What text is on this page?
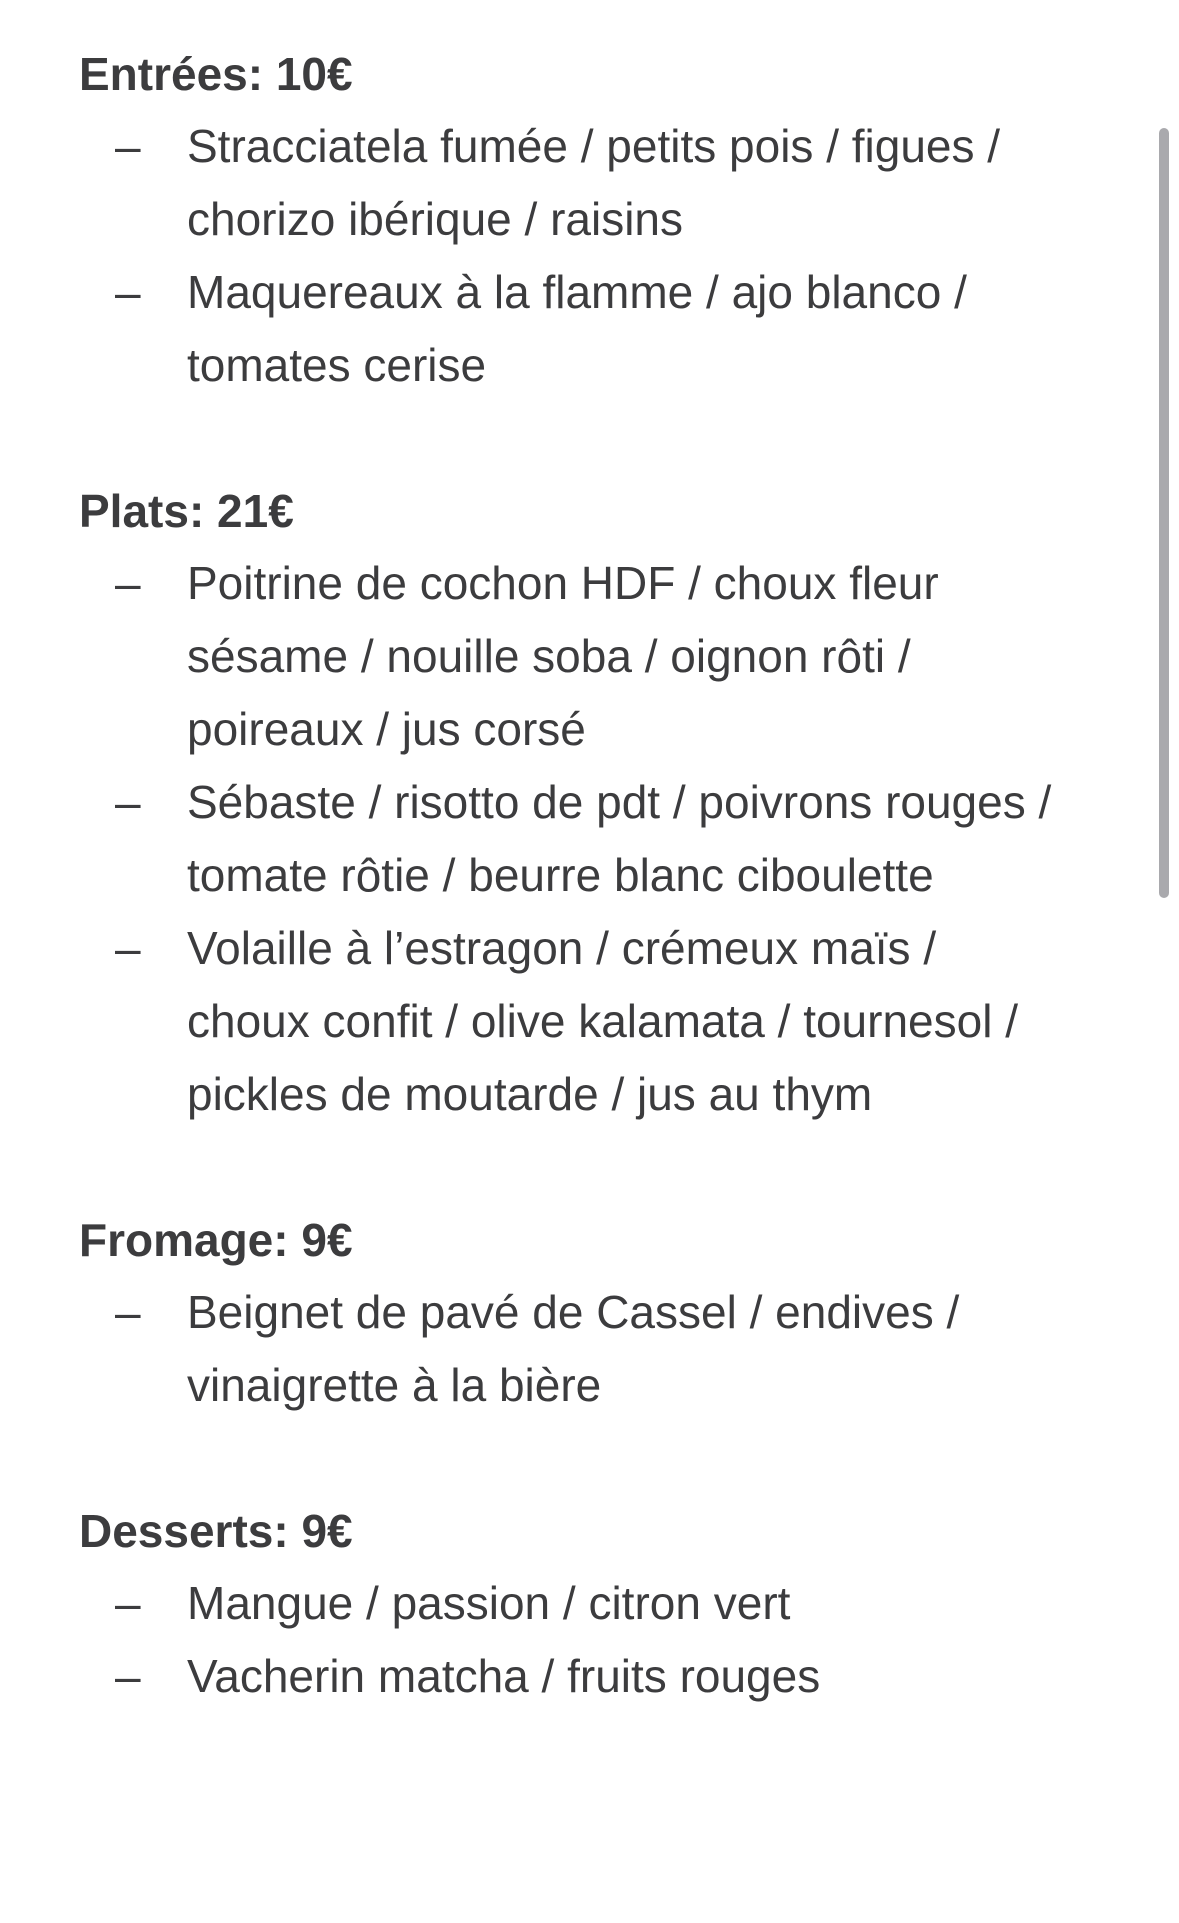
Entrées: 10€
–	Stracciatela fumée / petits pois / figues / chorizo ibérique / raisins
–	Maquereaux à la flamme / ajo blanco / tomates cerise
Plats: 21€
–	Poitrine de cochon HDF / choux fleur sésame / nouille soba / oignon rôti / poireaux / jus corsé
–	Sébaste / risotto de pdt / poivrons rouges / tomate rôtie / beurre blanc ciboulette
–	Volaille à l’estragon / crémeux maïs / choux confit / olive kalamata / tournesol / pickles de moutarde / jus au thym
Fromage: 9€
–	Beignet de pavé de Cassel / endives / vinaigrette à la bière
Desserts: 9€
–	Mangue / passion / citron vert
–	Vacherin matcha / fruits rouges
